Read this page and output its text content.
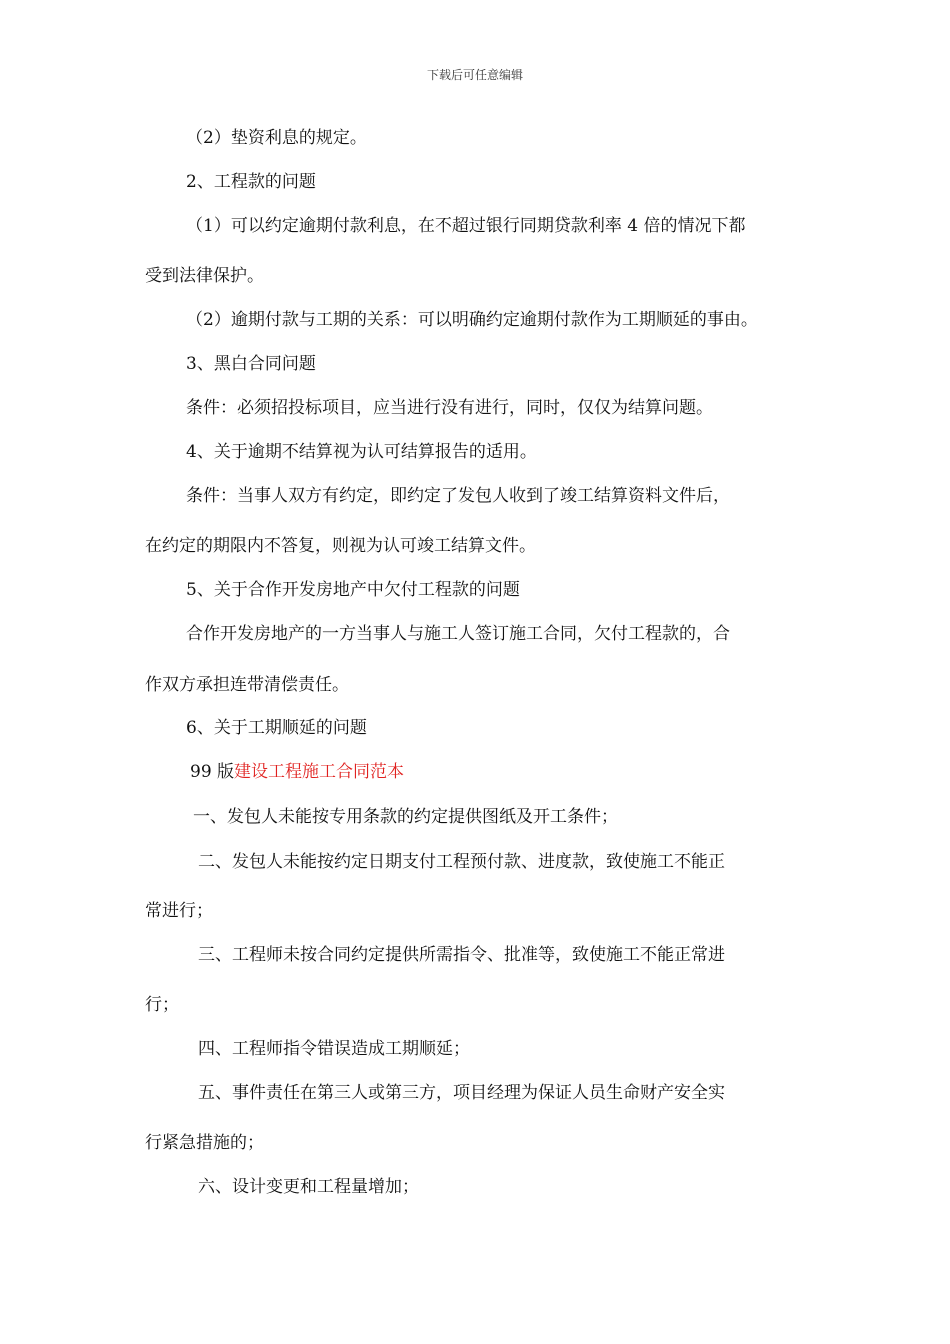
下载后可任意编辑
（2）垫资利息的规定。
2、工程款的问题
（1）可以约定逾期付款利息，在不超过银行同期贷款利率 4 倍的情况下都
受到法律保护。
（2）逾期付款与工期的关系：可以明确约定逾期付款作为工期顺延的事由。
3、黑白合同问题
条件：必须招投标项目，应当进行没有进行，同时，仅仅为结算问题。
4、关于逾期不结算视为认可结算报告的适用。
条件：当事人双方有约定，即约定了发包人收到了竣工结算资料文件后，
在约定的期限内不答复，则视为认可竣工结算文件。
5、关于合作开发房地产中欠付工程款的问题
合作开发房地产的一方当事人与施工人签订施工合同，欠付工程款的，合
作双方承担连带清偿责任。
6、关于工期顺延的问题
99 版建设工程施工合同范本
一、发包人未能按专用条款的约定提供图纸及开工条件；
二、发包人未能按约定日期支付工程预付款、进度款，致使施工不能正
常进行；
三、工程师未按合同约定提供所需指令、批准等，致使施工不能正常进
行；
四、工程师指令错误造成工期顺延；
五、事件责任在第三人或第三方，项目经理为保证人员生命财产安全实
行紧急措施的；
六、设计变更和工程量增加；
